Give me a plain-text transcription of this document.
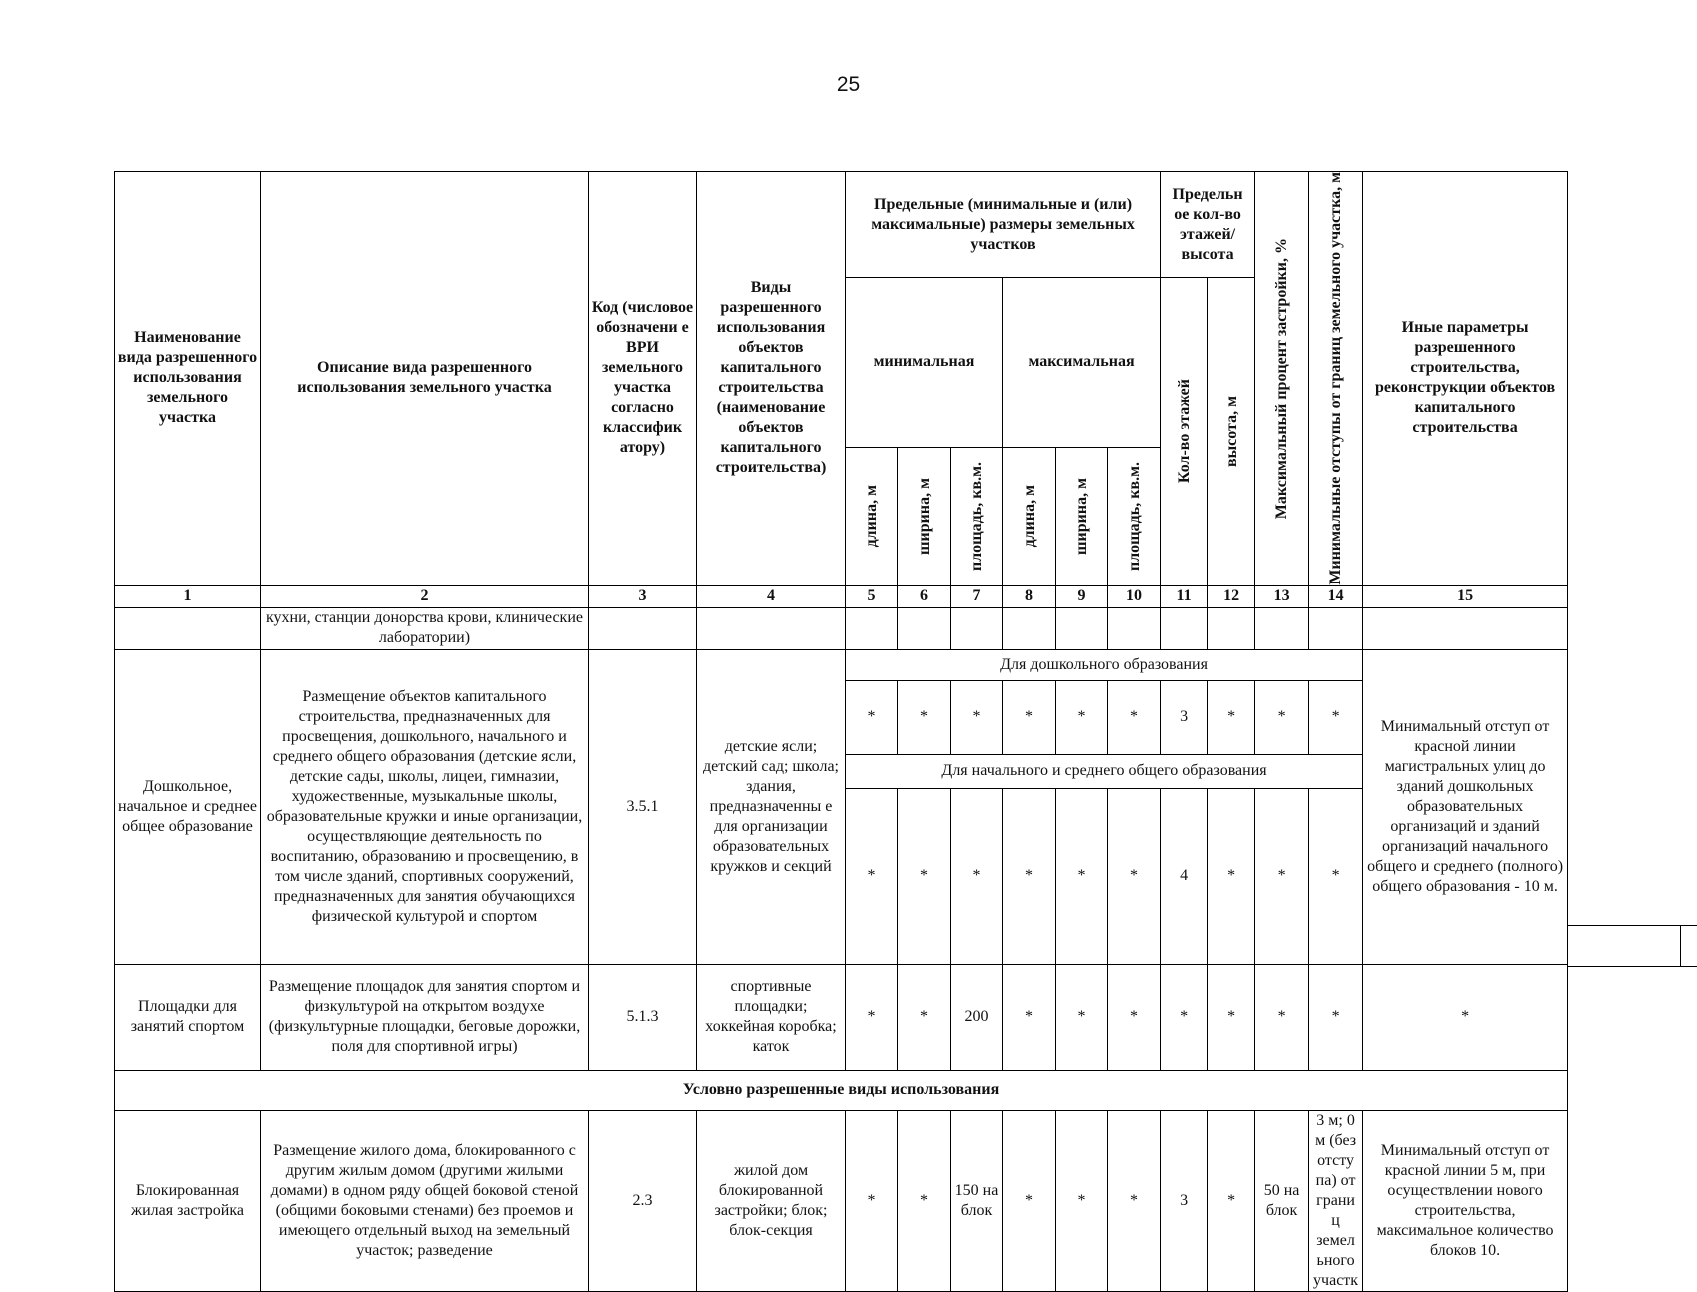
25
Наименование вида разрешенного использования земельного участка	Описание вида разрешенного использования земельного участка	Код (числовое обозначени е ВРИ земельного участка согласно классифик атору)	Виды разрешенного использования объектов капитального строительства (наименование объектов капитального строительства)	Предельные (минимальные и (или) максимальные) размеры земельных участков						Предельн ое кол-во этажей/ высота		Максимальный процент застройки, %	Минимальные отступы от границ земельного участка, м	Иные параметры разрешенного строительства, реконструкции объектов капитального строительства
				минимальная			максимальная			Кол-во этажей	высота, м			

				длина, м	ширина, м	площадь, кв.м.	длина, м	ширина, м	площадь, кв.м.					

1	2	3	4	5	6	7	8	9	10	11	12	13	14	15
	кухни, станции донорства крови, клинические лаборатории)													
Дошкольное, начальное и среднее общее образование	Размещение объектов капитального строительства, предназначенных для просвещения, дошкольного, начального и среднего общего образования (детские ясли, детские сады, школы, лицеи, гимназии, художественные, музыкальные школы, образовательные кружки и иные организации, осуществляющие деятельность по воспитанию, образованию и просвещению, в том числе зданий, спортивных сооружений, предназначенных для занятия обучающихся физической культурой и спортом	3.5.1	детские ясли; детский сад; школа; здания, предназначенны е для организации образовательных кружков и секций	Для дошкольного образования										Минимальный отступ от красной линии магистральных улиц до зданий дошкольных образовательных организаций и зданий организаций начального общего и среднего (полного) общего образования - 10 м.
				*	*	*	*	*	*	3	*	*	*	
				Для начального и среднего общего образования										
				*	*	*	*	*	*	4	*	*	*	
Площадки для занятий спортом	Размещение площадок для занятия спортом и физкультурой на открытом воздухе (физкультурные площадки, беговые дорожки, поля для спортивной игры)	5.1.3	спортивные площадки; хоккейная коробка; каток	*	*	200	*	*	*	*	*	*	*	*
Условно разрешенные виды использования														
Блокированная жилая застройка	Размещение жилого дома, блокированного с другим жилым домом (другими жилыми домами) в одном ряду общей боковой стеной (общими боковыми стенами) без проемов и имеющего отдельный выход на земельный участок; разведение	2.3	жилой дом блокированной застройки; блок; блок-секция	*	*	150 на блок	*	*	*	3	*	50 на блок	3 м; 0 м (без отсту па) от грани ц земел ьного участк	Минимальный отступ от красной линии 5 м, при осуществлении нового строительства, максимальное количество блоков 10.
